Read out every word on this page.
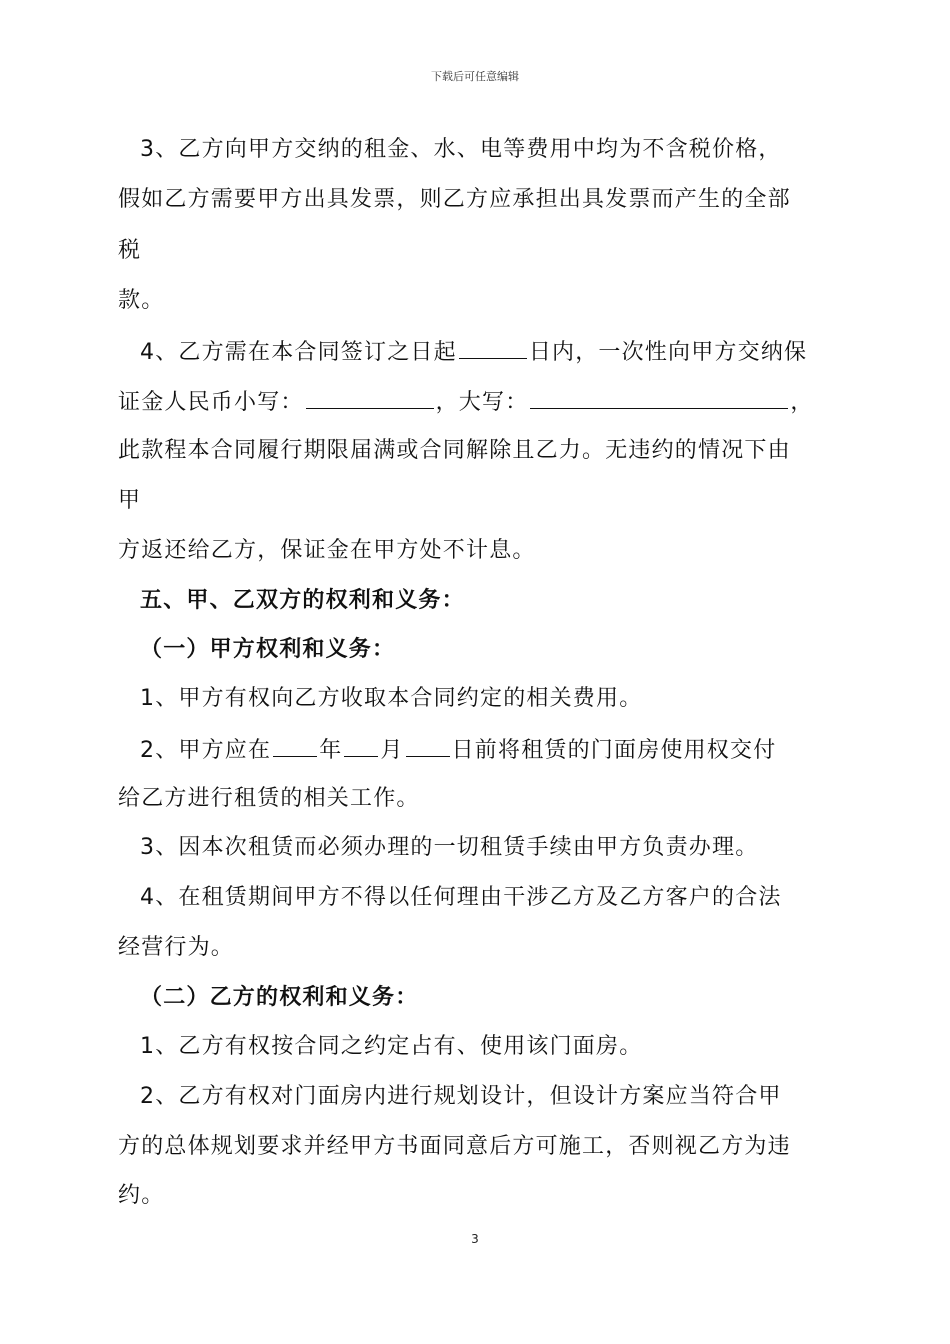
下载后可任意编辑
3、乙方向甲方交纳的租金、水、电等费用中均为不含税价格，
假如乙方需要甲方出具发票，则乙方应承担出具发票而产生的全部
税
款。
4、乙方需在本合同签订之日起	日内，一次性向甲方交纳保
证金人民币小写：	，大写：	，
此款程本合同履行期限届满或合同解除且乙力。无违约的情况下由
甲
方返还给乙方，保证金在甲方处不计息。
五、甲、乙双方的权利和义务：
（一）甲方权利和义务：
1、甲方有权向乙方收取本合同约定的相关费用。
2、甲方应在 年 月 日前将租赁的门面房使用权交付
给乙方进行租赁的相关工作。
3、因本次租赁而必须办理的一切租赁手续由甲方负责办理。
4、在租赁期间甲方不得以任何理由干涉乙方及乙方客户的合法
经营行为。
（二）乙方的权利和义务：
1、乙方有权按合同之约定占有、使用该门面房。
2、乙方有权对门面房内进行规划设计，但设计方案应当符合甲
方的总体规划要求并经甲方书面同意后方可施工，否则视乙方为违
约。
3
